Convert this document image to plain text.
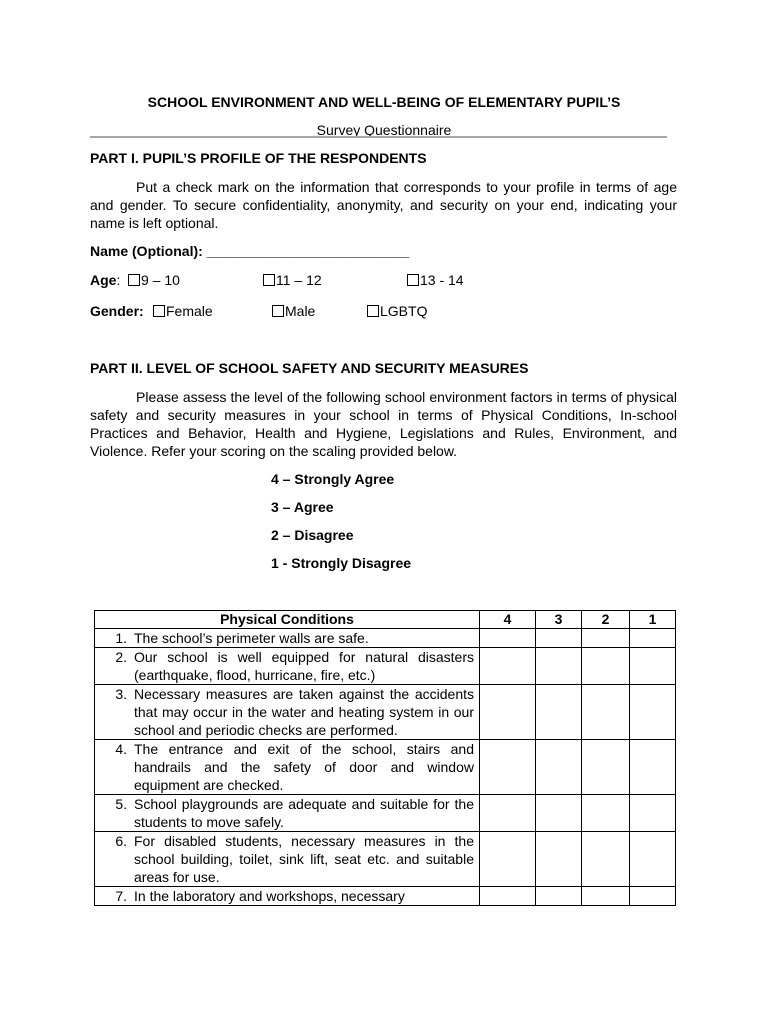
SCHOOL ENVIRONMENT AND WELL-BEING OF ELEMENTARY PUPIL’S
Survey Questionnaire
PART I. PUPIL’S PROFILE OF THE RESPONDENTS
Put a check mark on the information that corresponds to your profile in terms of age and gender. To secure confidentiality, anonymity, and security on your end, indicating your name is left optional.
Name (Optional): __________________________
Age:	9 – 10	11 – 12	13 - 14
Gender:	Female	Male	LGBTQ
PART II. LEVEL OF SCHOOL SAFETY AND SECURITY MEASURES
Please assess the level of the following school environment factors in terms of physical safety and security measures in your school in terms of Physical Conditions, In-school Practices and Behavior, Health and Hygiene, Legislations and Rules, Environment, and Violence. Refer your scoring on the scaling provided below.
4 – Strongly Agree
3 – Agree
2 – Disagree
1 - Strongly Disagree
Physical Conditions	4	3	2	1

1. The school’s perimeter walls are safe.				

2. Our school is well equipped for natural disasters (earthquake, flood, hurricane, fire, etc.)				

3. Necessary measures are taken against the accidents that may occur in the water and heating system in our school and periodic checks are performed.				

4. The entrance and exit of the school, stairs and handrails and the safety of door and window equipment are checked.				

5. School playgrounds are adequate and suitable for the students to move safely.				

6. For disabled students, necessary measures in the school building, toilet, sink lift, seat etc. and suitable areas for use.				

7. In the laboratory and workshops, necessary				
